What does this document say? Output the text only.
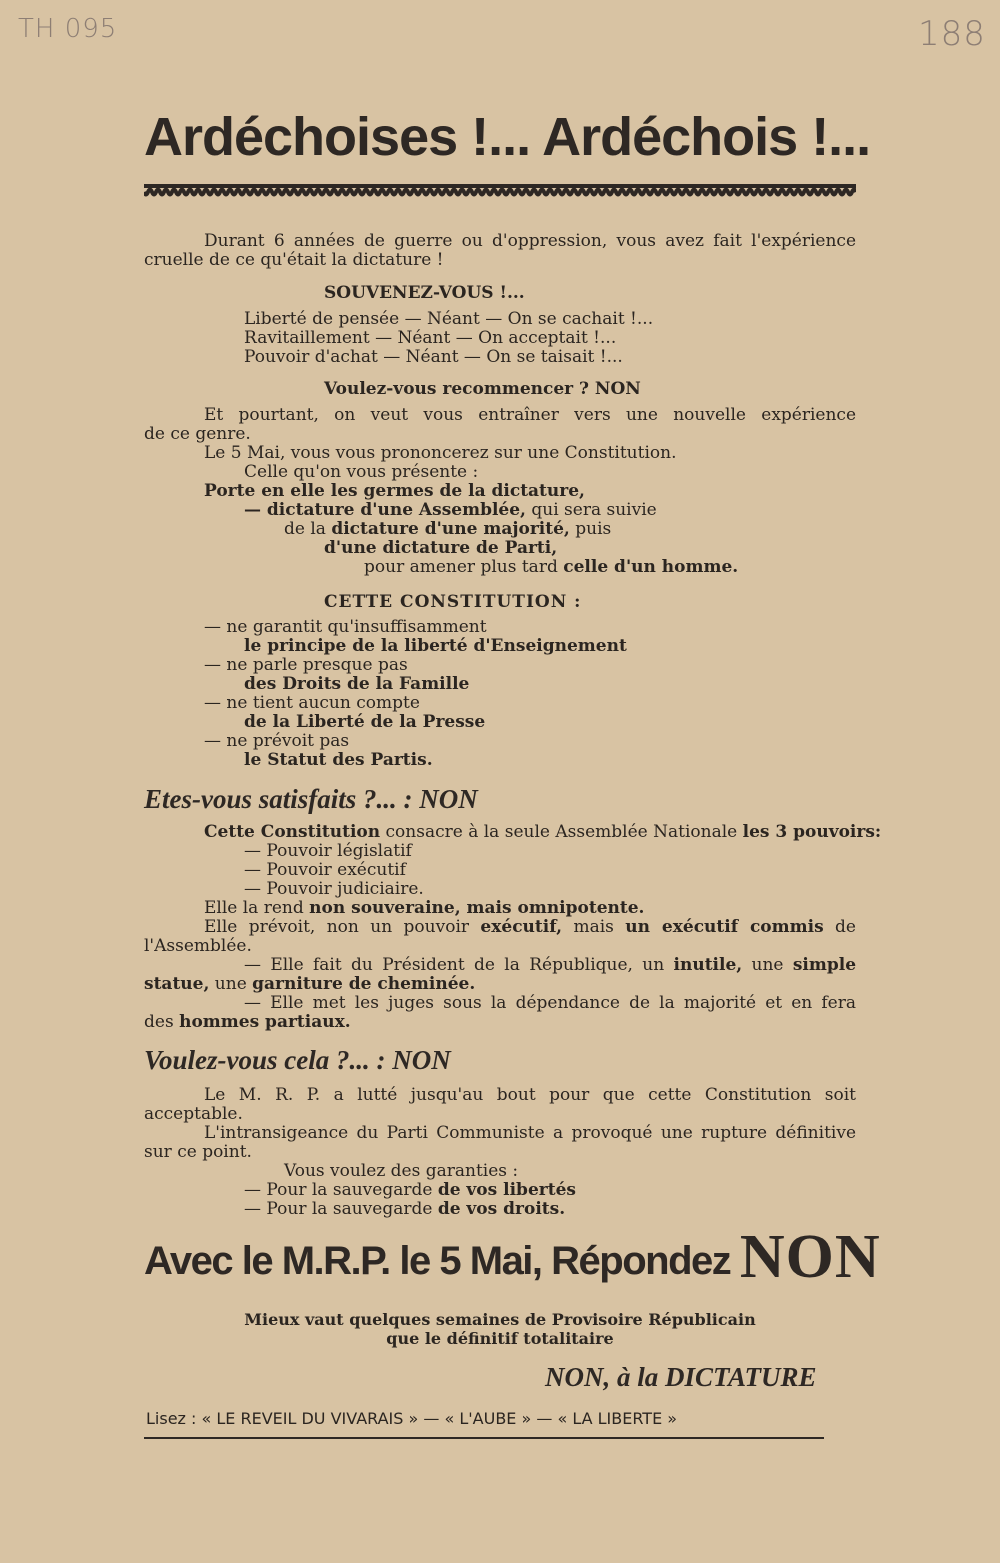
TH 095	188
Ardéchoises !... Ardéchois !...
Durant 6 années de guerre ou d'oppression, vous avez fait l'expérience
cruelle de ce qu'était la dictature !
SOUVENEZ-VOUS !...
Liberté de pensée — Néant — On se cachait !...
Ravitaillement — Néant — On acceptait !...
Pouvoir d'achat — Néant — On se taisait !...
Voulez-vous recommencer ? NON
Et pourtant, on veut vous entraîner vers une nouvelle expérience
de ce genre.
Le 5 Mai, vous vous prononcerez sur une Constitution.
Celle qu'on vous présente :
Porte en elle les germes de la dictature,
— dictature d'une Assemblée, qui sera suivie
de la dictature d'une majorité, puis
d'une dictature de Parti,
pour amener plus tard celle d'un homme.
CETTE CONSTITUTION :
— ne garantit qu'insuffisamment
le principe de la liberté d'Enseignement
— ne parle presque pas
des Droits de la Famille
— ne tient aucun compte
de la Liberté de la Presse
— ne prévoit pas
le Statut des Partis.
Etes-vous satisfaits ?... : NON
Cette Constitution consacre à la seule Assemblée Nationale les 3 pouvoirs:
— Pouvoir législatif
— Pouvoir exécutif
— Pouvoir judiciaire.
Elle la rend non souveraine, mais omnipotente.
Elle prévoit, non un pouvoir exécutif, mais un exécutif commis de
l'Assemblée.
— Elle fait du Président de la République, un inutile, une simple
statue, une garniture de cheminée.
— Elle met les juges sous la dépendance de la majorité et en fera
des hommes partiaux.
Voulez-vous cela ?... : NON
Le M. R. P. a lutté jusqu'au bout pour que cette Constitution soit
acceptable.
L'intransigeance du Parti Communiste a provoqué une rupture définitive
sur ce point.
Vous voulez des garanties :
— Pour la sauvegarde de vos libertés
— Pour la sauvegarde de vos droits.
Avec le M.R.P. le 5 Mai, Répondez NON
Mieux vaut quelques semaines de Provisoire Républicain
que le définitif totalitaire
NON, à la DICTATURE
Lisez : « LE REVEIL DU VIVARAIS » — « L'AUBE » — « LA LIBERTE »
